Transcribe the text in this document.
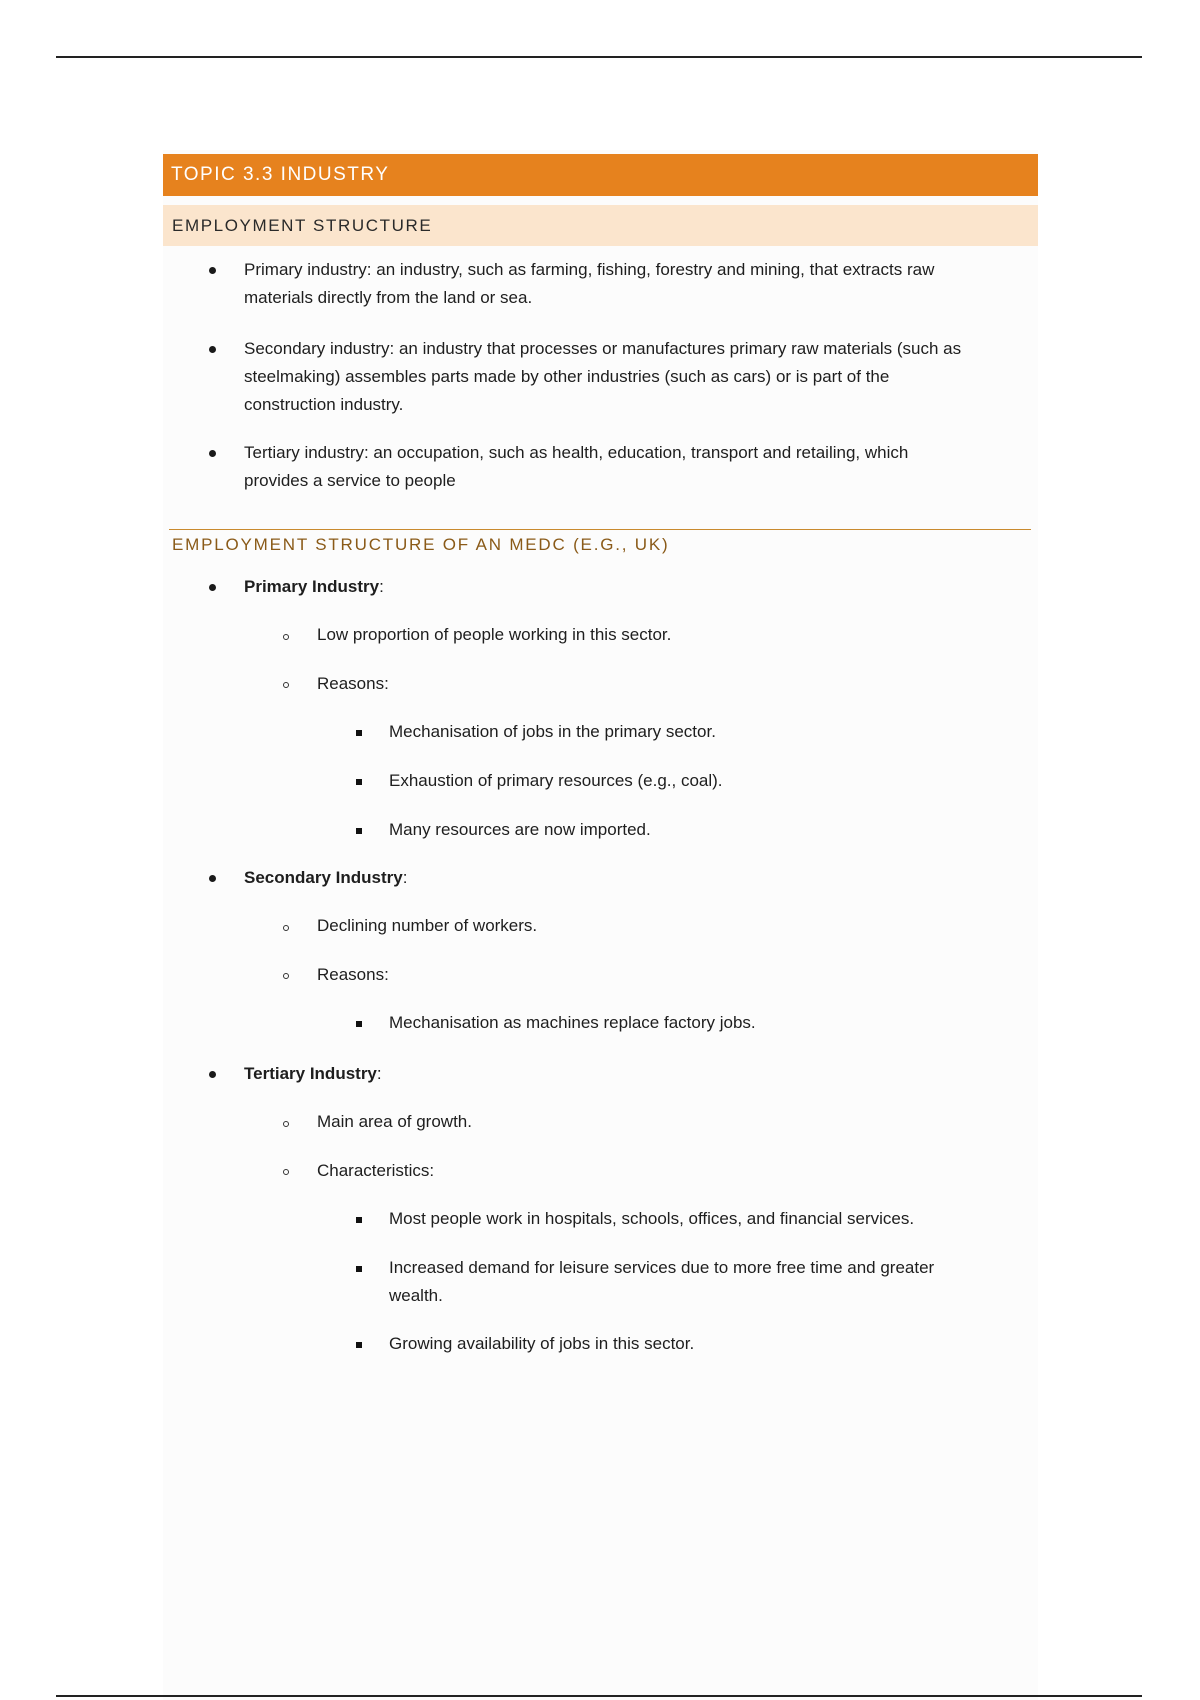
TOPIC 3.3 INDUSTRY
EMPLOYMENT STRUCTURE
Primary industry: an industry, such as farming, fishing, forestry and mining, that extracts raw
materials directly from the land or sea.
Secondary industry: an industry that processes or manufactures primary raw materials (such as
steelmaking) assembles parts made by other industries (such as cars) or is part of the
construction industry.
Tertiary industry: an occupation, such as health, education, transport and retailing, which
provides a service to people
EMPLOYMENT STRUCTURE OF AN MEDC (E.G., UK)
Primary Industry:
Low proportion of people working in this sector.
Reasons:
Mechanisation of jobs in the primary sector.
Exhaustion of primary resources (e.g., coal).
Many resources are now imported.
Secondary Industry:
Declining number of workers.
Reasons:
Mechanisation as machines replace factory jobs.
Tertiary Industry:
Main area of growth.
Characteristics:
Most people work in hospitals, schools, offices, and financial services.
Increased demand for leisure services due to more free time and greater
wealth.
Growing availability of jobs in this sector.
